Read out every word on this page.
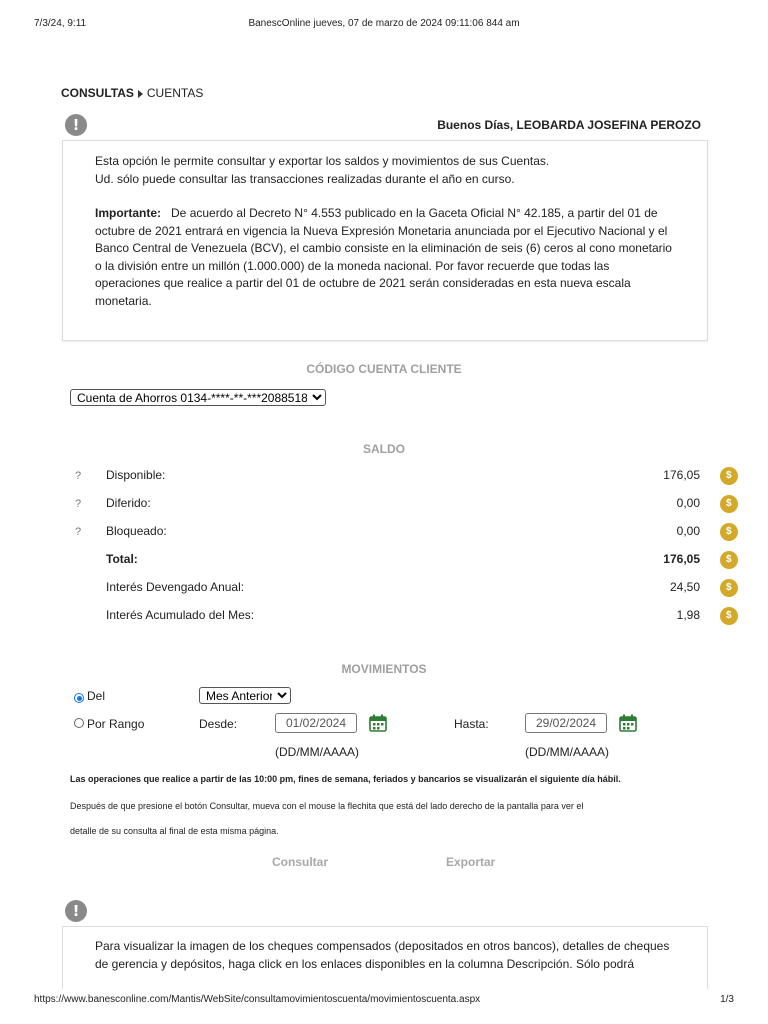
7/3/24, 9:11	BanescOnline jueves, 07 de marzo de 2024 09:11:06 844 am
CONSULTAS CUENTAS
!	Buenos Días, LEOBARDA JOSEFINA PEROZO
Esta opción le permite consultar y exportar los saldos y movimientos de sus Cuentas.
Ud. sólo puede consultar las transacciones realizadas durante el año en curso.
Importante: De acuerdo al Decreto N° 4.553 publicado en la Gaceta Oficial N° 42.185, a partir del 01 de
octubre de 2021 entrará en vigencia la Nueva Expresión Monetaria anunciada por el Ejecutivo Nacional y el
Banco Central de Venezuela (BCV), el cambio consiste en la eliminación de seis (6) ceros al cono monetario
o la división entre un millón (1.000.000) de la moneda nacional. Por favor recuerde que todas las
operaciones que realice a partir del 01 de octubre de 2021 serán consideradas en esta nueva escala
monetaria.
CÓDIGO CUENTA CLIENTE
Cuenta de Ahorros 0134-****-**-***2088518
SALDO
? Disponible:	176,05	$
? Diferido:	0,00	$
? Bloqueado:	0,00	$
Total:	176,05	$
Interés Devengado Anual:	24,50	$
Interés Acumulado del Mes:	1,98	$
MOVIMIENTOS

Del
Mes Anterior
Por Rango	Desde:	01/02/2024	Hasta:	29/02/2024
(DD/MM/AAAA)	(DD/MM/AAAA)
Las operaciones que realice a partir de las 10:00 pm, fines de semana, feriados y bancarios se visualizarán el siguiente día hábil.
Después de que presione el botón Consultar, mueva con el mouse la flechita que está del lado derecho de la pantalla para ver el
detalle de su consulta al final de esta misma página.
Consultar	Exportar
!
Para visualizar la imagen de los cheques compensados (depositados en otros bancos), detalles de cheques
de gerencia y depósitos, haga click en los enlaces disponibles en la columna Descripción. Sólo podrá
https://www.banesconline.com/Mantis/WebSite/consultamovimientoscuenta/movimientoscuenta.aspx	1/3
